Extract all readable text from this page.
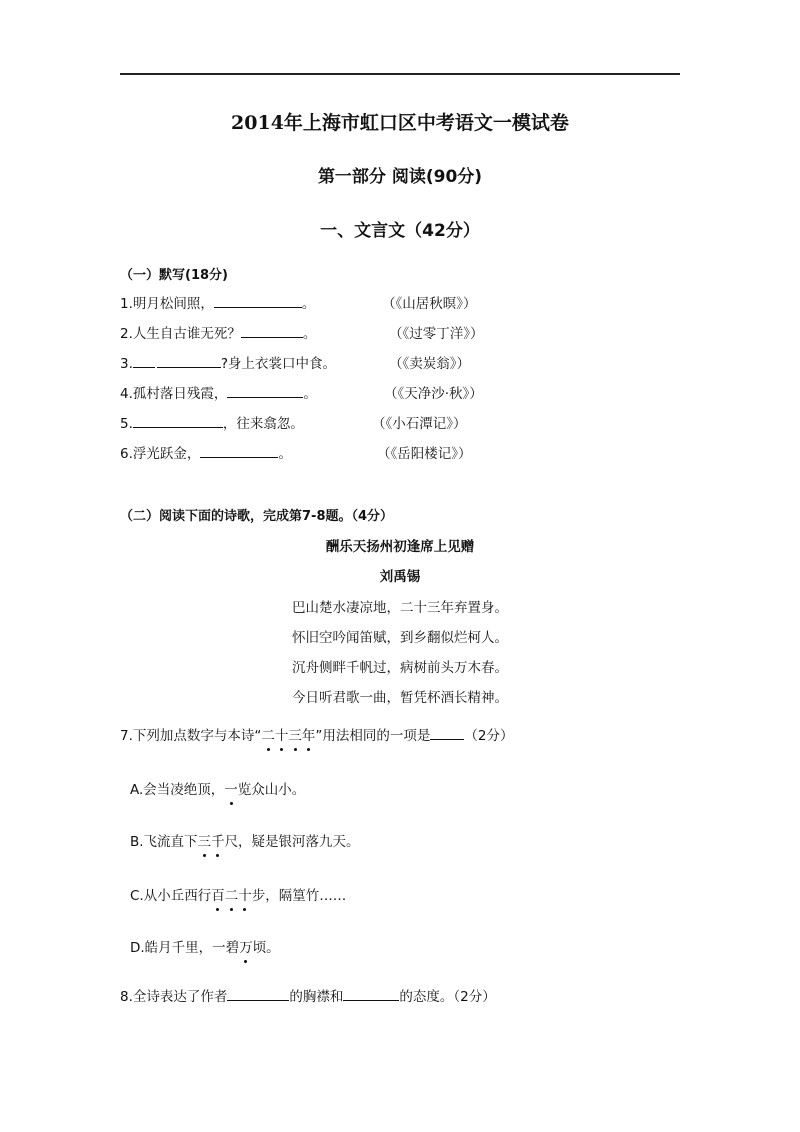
2014年上海市虹口区中考语文一模试卷
第一部分 阅读(90分)
一、文言文（42分）
（一）默写(18分)
1.明月松间照，	。	（《山居秋暝》）
2.人生自古谁无死？	。	（《过零丁洋》）
3.	?身上衣裳口中食。	（《卖炭翁》）
4.孤村落日残霞，	。	（《天净沙·秋》）
5.	，往来翕忽。	（《小石潭记》）
6.浮光跃金，	。	（《岳阳楼记》）
（二）阅读下面的诗歌，完成第7-8题。（4分）
酬乐天扬州初逢席上见赠
刘禹锡
巴山楚水凄凉地，二十三年弃置身。
怀旧空吟闻笛赋，到乡翻似烂柯人。
沉舟侧畔千帆过，病树前头万木春。
今日听君歌一曲，暂凭杯酒长精神。
7.下列加点数字与本诗“二十三年”用法相同的一项是	（2分）
A.会当凌绝顶，一览众山小。
B.飞流直下三千尺，疑是银河落九天。
C.从小丘西行百二十步，隔篁竹……
D.皓月千里，一碧万顷。
8.全诗表达了作者	的胸襟和	的态度。（2分）
